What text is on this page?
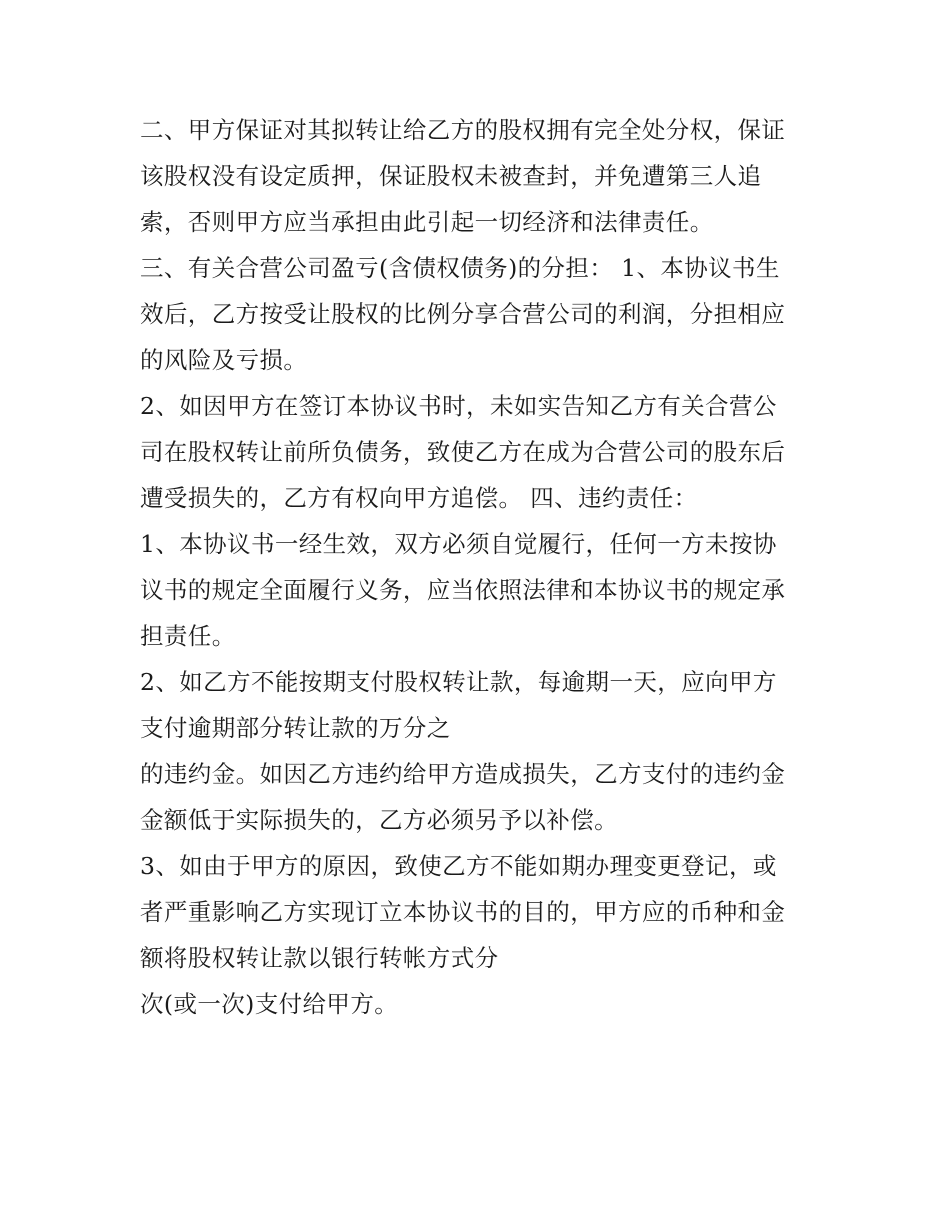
二、甲方保证对其拟转让给乙方的股权拥有完全处分权，保证
该股权没有设定质押，保证股权未被查封，并免遭第三人追
索，否则甲方应当承担由此引起一切经济和法律责任。
三、有关合营公司盈亏(含债权债务)的分担： 1、本协议书生
效后，乙方按受让股权的比例分享合营公司的利润，分担相应
的风险及亏损。
2、如因甲方在签订本协议书时，未如实告知乙方有关合营公
司在股权转让前所负债务，致使乙方在成为合营公司的股东后
遭受损失的，乙方有权向甲方追偿。 四、违约责任：
1、本协议书一经生效，双方必须自觉履行，任何一方未按协
议书的规定全面履行义务，应当依照法律和本协议书的规定承
担责任。
2、如乙方不能按期支付股权转让款，每逾期一天，应向甲方
支付逾期部分转让款的万分之
的违约金。如因乙方违约给甲方造成损失，乙方支付的违约金
金额低于实际损失的，乙方必须另予以补偿。
3、如由于甲方的原因，致使乙方不能如期办理变更登记，或
者严重影响乙方实现订立本协议书的目的，甲方应的币种和金
额将股权转让款以银行转帐方式分
次(或一次)支付给甲方。
